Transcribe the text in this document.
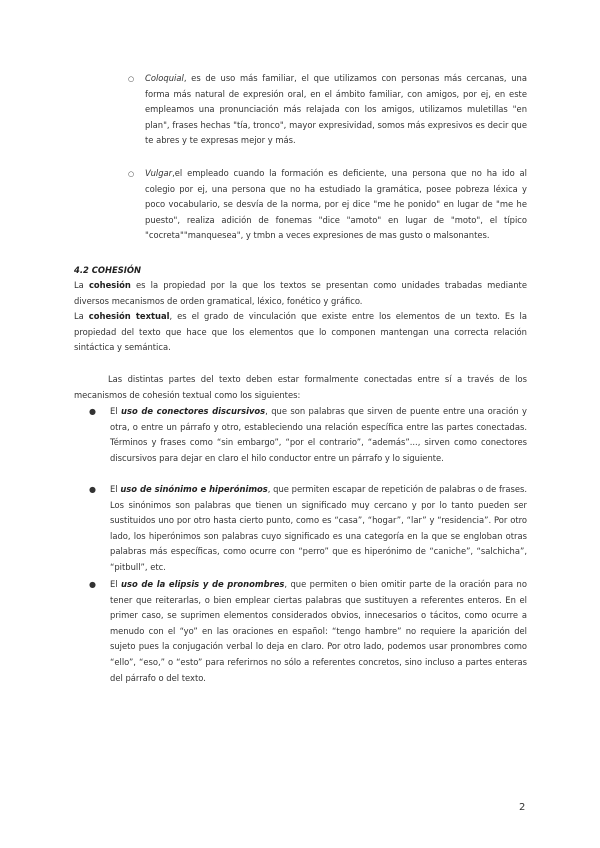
○ Coloquial, es de uso más familiar, el que utilizamos con personas más cercanas, una forma más natural de expresión oral, en el ámbito familiar, con amigos, por ej, en este empleamos una pronunciación más relajada con los amigos, utilizamos muletillas "en plan", frases hechas "tía, tronco", mayor expresividad, somos más expresivos es decir que te abres y te expresas mejor y más.

○ Vulgar,el empleado cuando la formación es deficiente, una persona que no ha ido al colegio por ej, una persona que no ha estudiado la gramática, posee pobreza léxica y poco vocabulario, se desvía de la norma, por ej dice "me he ponido" en lugar de "me he puesto", realiza adición de fonemas "dice "amoto" en lugar de "moto", el típico "cocreta""manquesea", y tmbn a veces expresiones de mas gusto o malsonantes.

4.2 COHESIÓN

La cohesión es la propiedad por la que los textos se presentan como unidades trabadas mediante diversos mecanismos de orden gramatical, léxico, fonético y gráfico.

La cohesión textual, es el grado de vinculación que existe entre los elementos de un texto. Es la propiedad del texto que hace que los elementos que lo componen mantengan una correcta relación sintáctica y semántica.

Las distintas partes del texto deben estar formalmente conectadas entre sí a través de los mecanismos de cohesión textual como los siguientes:

● El uso de conectores discursivos, que son palabras que sirven de puente entre una oración y otra, o entre un párrafo y otro, estableciendo una relación específica entre las partes conectadas. Términos y frases como “sin embargo”, “por el contrario”, “además”..., sirven como conectores discursivos para dejar en claro el hilo conductor entre un párrafo y lo siguiente.

● El uso de sinónimo e hiperónimos, que permiten escapar de repetición de palabras o de frases. Los sinónimos son palabras que tienen un significado muy cercano y por lo tanto pueden ser sustituidos uno por otro hasta cierto punto, como es “casa”, “hogar”, “lar” y “residencia”. Por otro lado, los hiperónimos son palabras cuyo significado es una categoría en la que se engloban otras palabras más específicas, como ocurre con “perro” que es hiperónimo de “caniche”, “salchicha”, “pitbull”, etc.

● El uso de la elipsis y de pronombres, que permiten o bien omitir parte de la oración para no tener que reiterarlas, o bien emplear ciertas palabras que sustituyen a referentes enteros. En el primer caso, se suprimen elementos considerados obvios, innecesarios o tácitos, como ocurre a menudo con el “yo” en las oraciones en español: “tengo hambre” no requiere la aparición del sujeto pues la conjugación verbal lo deja en claro. Por otro lado, podemos usar pronombres como “ello”, “eso,” o “esto” para referirnos no sólo a referentes concretos, sino incluso a partes enteras del párrafo o del texto.

2
